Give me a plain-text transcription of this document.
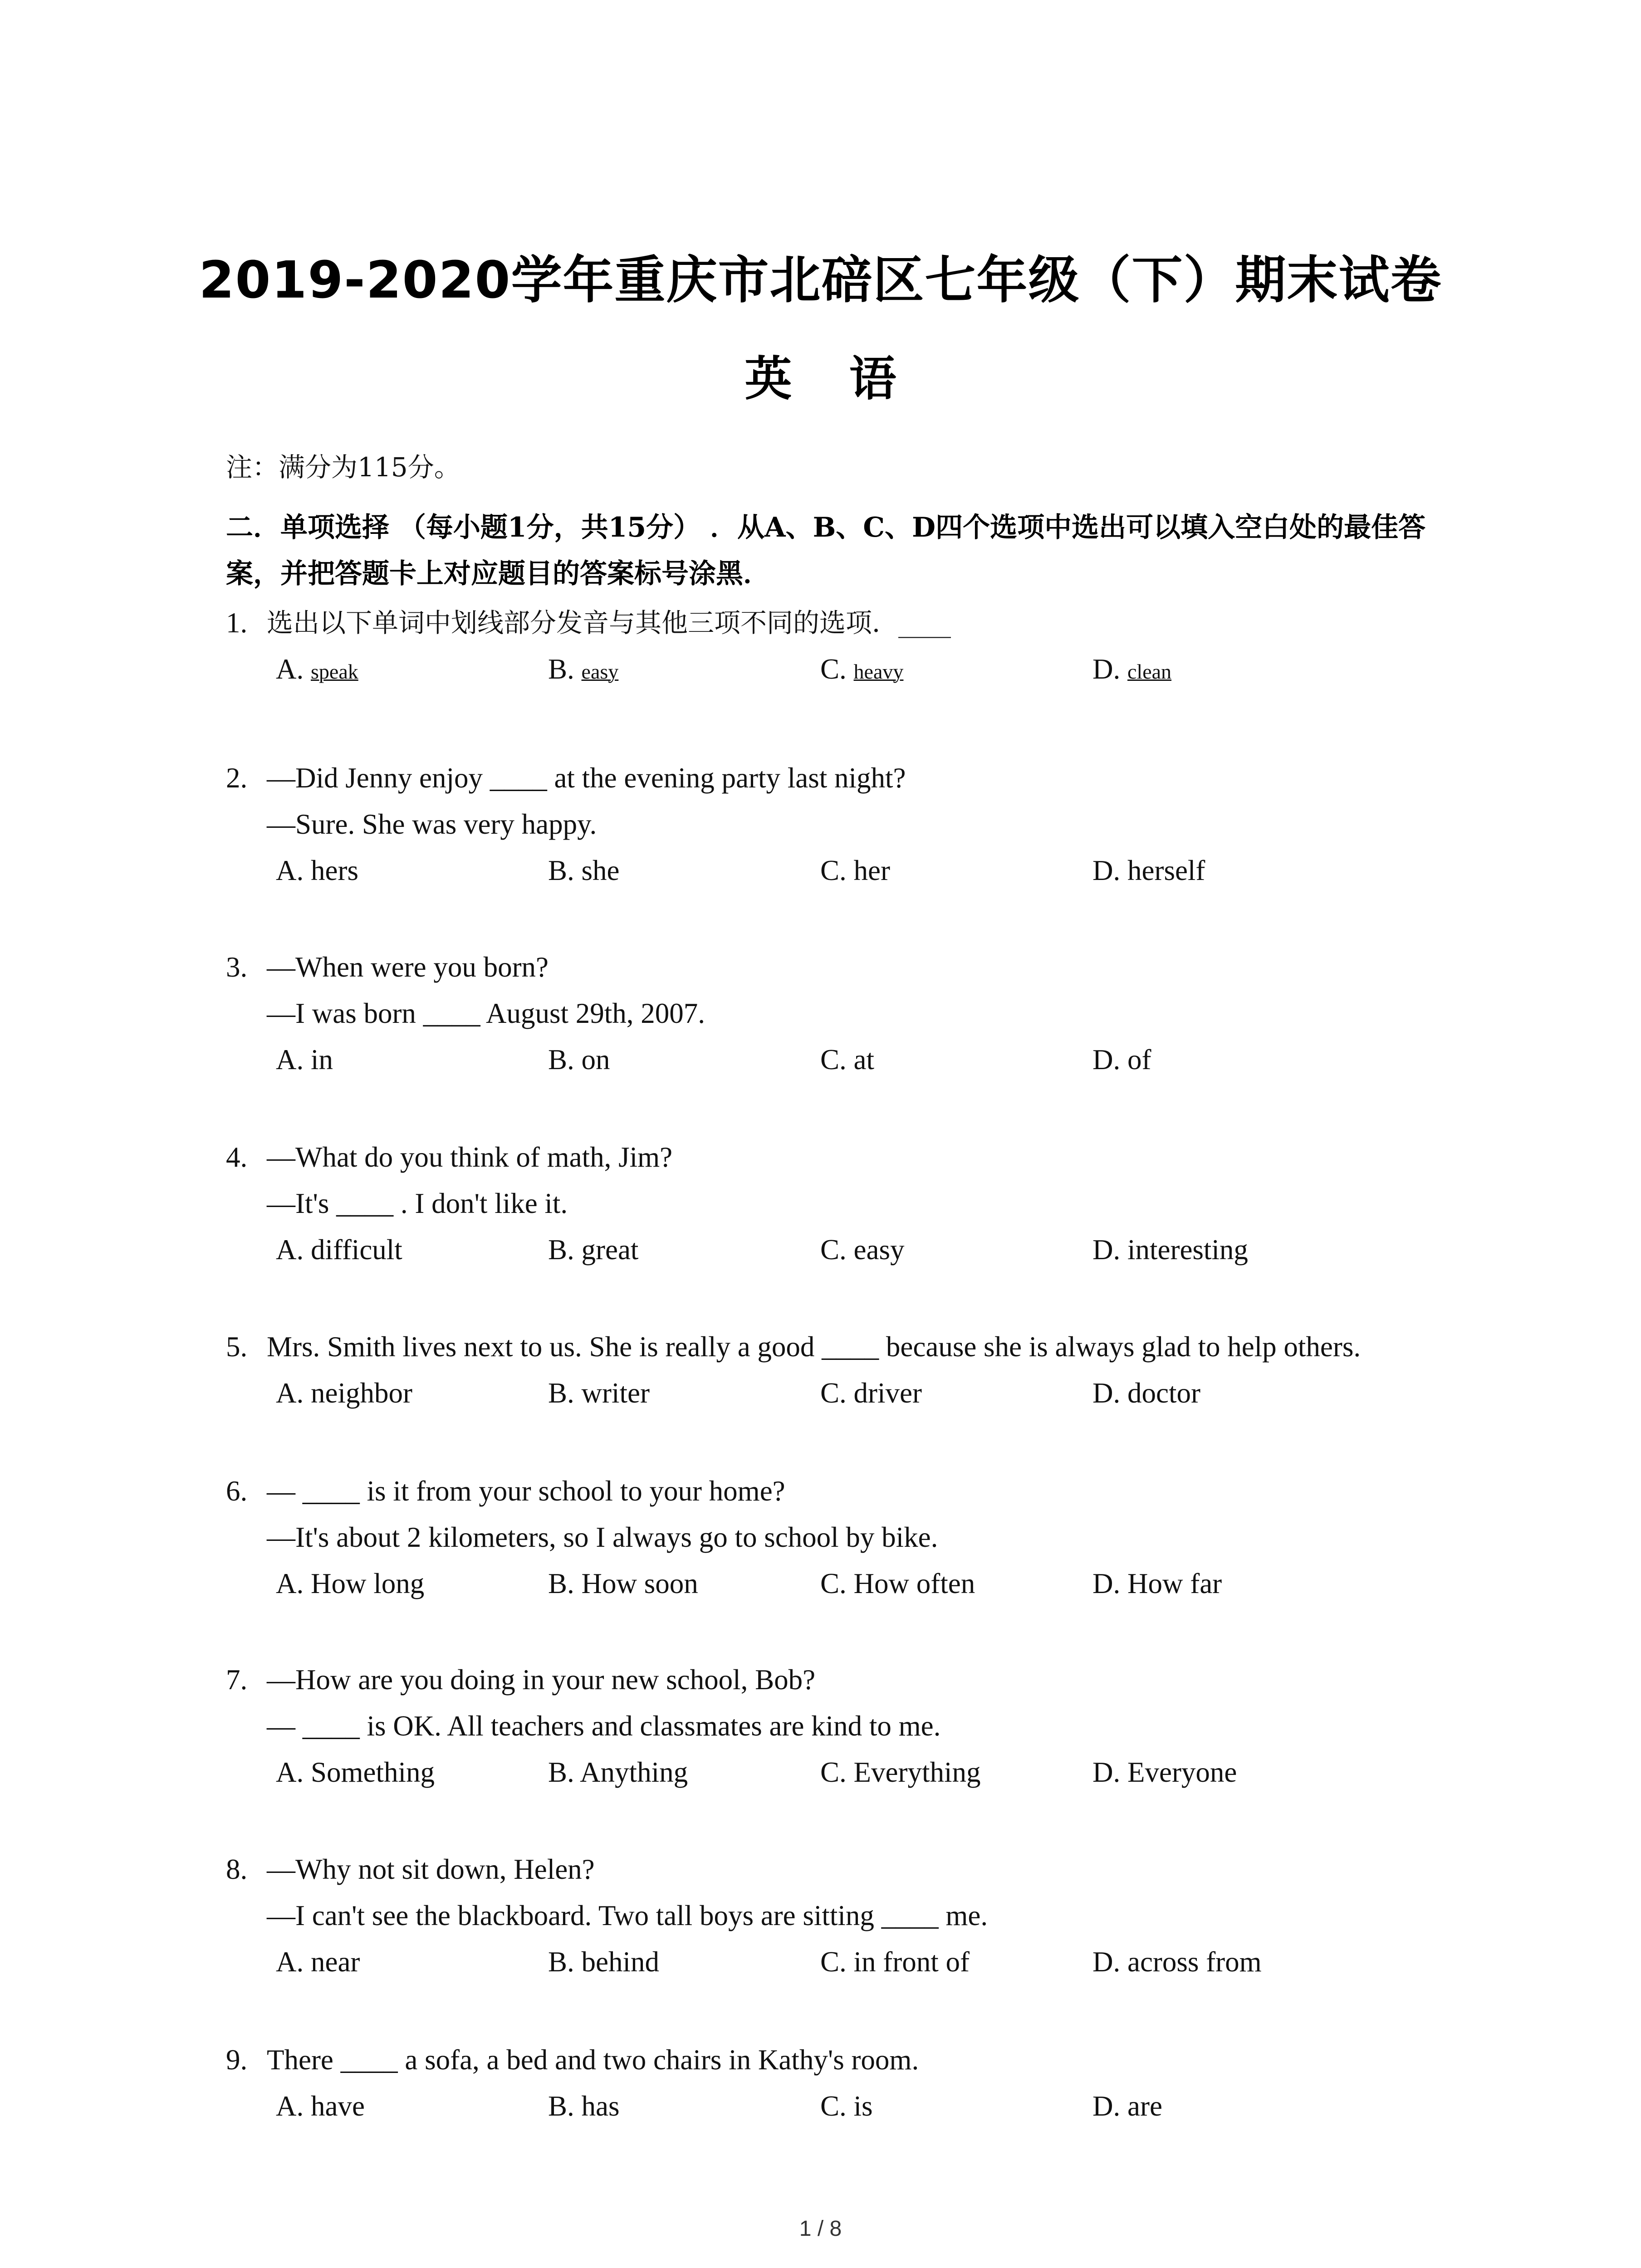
2019-2020学年重庆市北碚区七年级（下）期末试卷
英 语
注：满分为115分。
二．单项选择 （每小题1分，共15分） ．从A、B、C、D四个选项中选出可以填入空白处的最佳答案，并把答题卡上对应题目的答案标号涂黑．
1. 选出以下单词中划线部分发音与其他三项不同的选项．____
A. speak	B. easy	C. heavy	D. clean
2. —Did Jenny enjoy ____ at the evening party last night?
—Sure. She was very happy.
A. hers	B. she	C. her	D. herself
3. —When were you born?
—I was born ____ August 29th, 2007.
A. in	B. on	C. at	D. of
4. —What do you think of math, Jim?
—It's ____ . I don't like it.
A. difficult	B. great	C. easy	D. interesting
5. Mrs. Smith lives next to us. She is really a good ____ because she is always glad to help others.
A. neighbor	B. writer	C. driver	D. doctor
6. — ____ is it from your school to your home?
—It's about 2 kilometers, so I always go to school by bike.
A. How long	B. How soon	C. How often	D. How far
7. —How are you doing in your new school, Bob?
— ____ is OK. All teachers and classmates are kind to me.
A. Something	B. Anything	C. Everything	D. Everyone
8. —Why not sit down, Helen?
—I can't see the blackboard. Two tall boys are sitting ____ me.
A. near	B. behind	C. in front of	D. across from
9. There ____ a sofa, a bed and two chairs in Kathy's room.
A. have	B. has	C. is	D. are
1 / 8
